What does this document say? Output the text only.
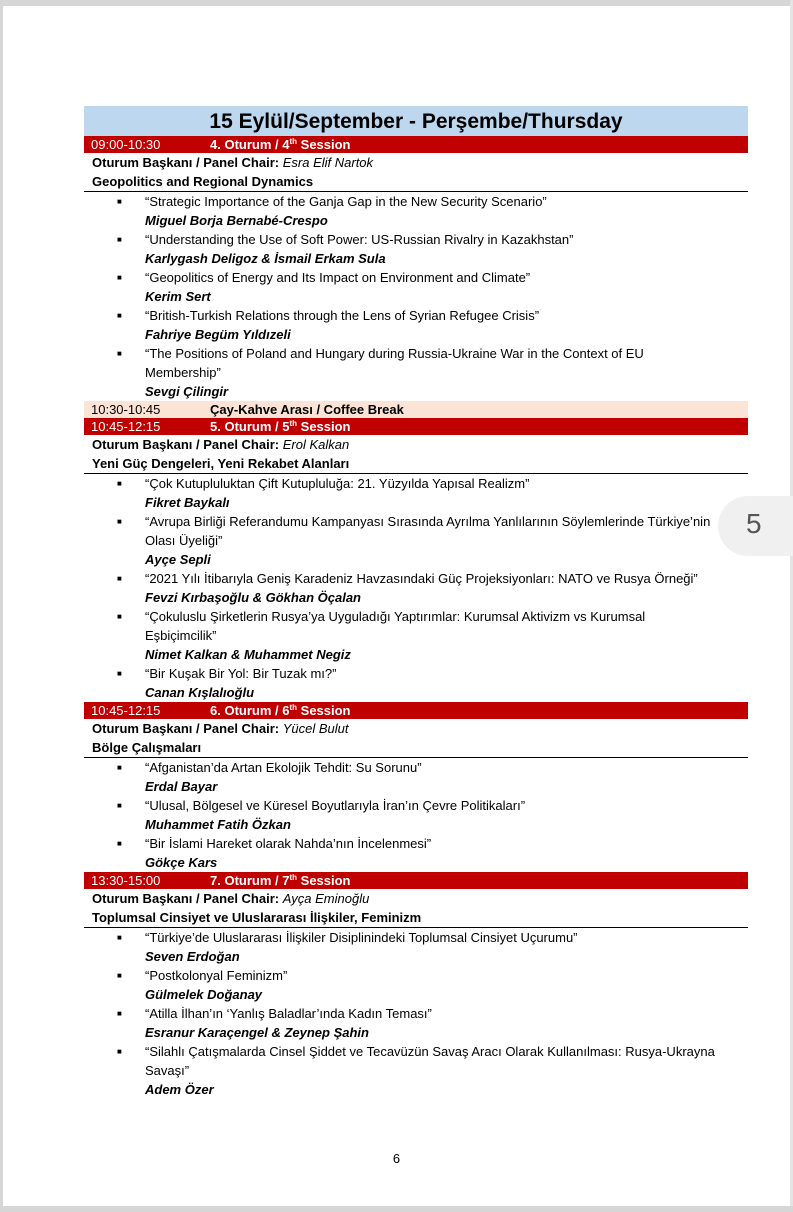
15 Eylül/September - Perşembe/Thursday
09:00-10:30	4. Oturum / 4th Session
Oturum Başkanı / Panel Chair: Esra Elif Nartok
Geopolitics and Regional Dynamics
■ “Strategic Importance of the Ganja Gap in the New Security Scenario”
Miguel Borja Bernabé-Crespo
■ “Understanding the Use of Soft Power: US-Russian Rivalry in Kazakhstan”
Karlygash Deligoz & İsmail Erkam Sula
■ “Geopolitics of Energy and Its Impact on Environment and Climate”
Kerim Sert
■ “British-Turkish Relations through the Lens of Syrian Refugee Crisis”
Fahriye Begüm Yıldızeli
■ “The Positions of Poland and Hungary during Russia-Ukraine War in the Context of EU Membership”
Sevgi Çilingir
10:30-10:45	Çay-Kahve Arası / Coffee Break
10:45-12:15	5. Oturum / 5th Session
Oturum Başkanı / Panel Chair: Erol Kalkan
Yeni Güç Dengeleri, Yeni Rekabet Alanları
■ “Çok Kutupluluktan Çift Kutupluluğa: 21. Yüzyılda Yapısal Realizm”
Fikret Baykalı
■ “Avrupa Birliği Referandumu Kampanyası Sırasında Ayrılma Yanlılarının Söylemlerinde Türkiye’nin Olası Üyeliği”
Ayçe Sepli
■ “2021 Yılı İtibarıyla Geniş Karadeniz Havzasındaki Güç Projeksiyonları: NATO ve Rusya Örneği”
Fevzi Kırbaşoğlu & Gökhan Öçalan
■ “Çokuluslu Şirketlerin Rusya’ya Uyguladığı Yaptırımlar: Kurumsal Aktivizm vs Kurumsal Eşbiçimcilik”
Nimet Kalkan & Muhammet Negiz
■ “Bir Kuşak Bir Yol: Bir Tuzak mı?”
Canan Kışlalıoğlu
10:45-12:15	6. Oturum / 6th Session
Oturum Başkanı / Panel Chair: Yücel Bulut
Bölge Çalışmaları
■ “Afganistan’da Artan Ekolojik Tehdit: Su Sorunu”
Erdal Bayar
■ “Ulusal, Bölgesel ve Küresel Boyutlarıyla İran’ın Çevre Politikaları”
Muhammet Fatih Özkan
■ “Bir İslami Hareket olarak Nahda’nın İncelenmesi”
Gökçe Kars
13:30-15:00	7. Oturum / 7th Session
Oturum Başkanı / Panel Chair: Ayça Eminoğlu
Toplumsal Cinsiyet ve Uluslararası İlişkiler, Feminizm
■ “Türkiye’de Uluslararası İlişkiler Disiplinindeki Toplumsal Cinsiyet Uçurumu”
Seven Erdoğan
■ “Postkolonyal Feminizm”
Gülmelek Doğanay
■ “Atilla İlhan’ın ‘Yanlış Baladlar’ında Kadın Teması”
Esranur Karaçengel & Zeynep Şahin
■ “Silahlı Çatışmalarda Cinsel Şiddet ve Tecavüzün Savaş Aracı Olarak Kullanılması: Rusya-Ukrayna Savaşı”
Adem Özer
5
6
